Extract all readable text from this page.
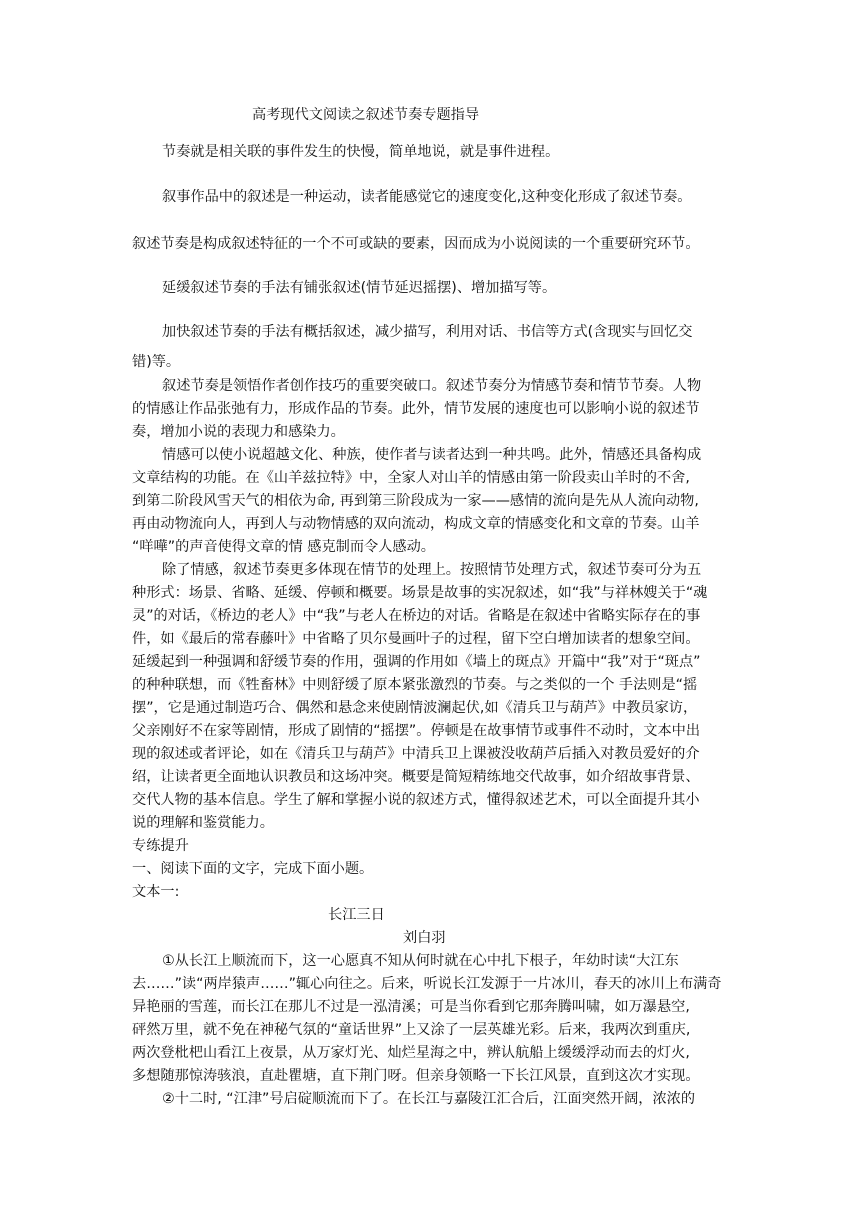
高考现代文阅读之叙述节奏专题指导
节奏就是相关联的事件发生的快慢，简单地说，就是事件进程。
叙事作品中的叙述是一种运动，读者能感觉它的速度变化,这种变化形成了叙述节奏。
叙述节奏是构成叙述特征的一个不可或缺的要素，因而成为小说阅读的一个重要研究环节。
延缓叙述节奏的手法有铺张叙述(情节延迟摇摆)、增加描写等。
加快叙述节奏的手法有概括叙述，减少描写，利用对话、书信等方式(含现实与回忆交
错)等。
叙述节奏是领悟作者创作技巧的重要突破口。叙述节奏分为情感节奏和情节节奏。人物
的情感让作品张弛有力，形成作品的节奏。此外，情节发展的速度也可以影响小说的叙述节
奏，增加小说的表现力和感染力。
情感可以使小说超越文化、种族，使作者与读者达到一种共鸣。此外，情感还具备构成
文章结构的功能。在《山羊兹拉特》中，全家人对山羊的情感由第一阶段卖山羊时的不舍,
到第二阶段风雪天气的相依为命, 再到第三阶段成为一家——感情的流向是先从人流向动物,
再由动物流向人，再到人与动物情感的双向流动，构成文章的情感变化和文章的节奏。山羊
“咩嘩”的声音使得文章的情 感克制而令人感动。
除了情感，叙述节奏更多体现在情节的处理上。按照情节处理方式，叙述节奏可分为五
种形式：场景、省略、延缓、停顿和概要。场景是故事的实况叙述，如“我”与祥林嫂关于“魂
灵”的对话，《桥边的老人》中“我”与老人在桥边的对话。省略是在叙述中省略实际存在的事
件，如《最后的常春藤叶》中省略了贝尔曼画叶子的过程，留下空白增加读者的想象空间。
延缓起到一种强调和舒缓节奏的作用，强调的作用如《墙上的斑点》开篇中“我”对于“斑点”
的种种联想，而《牲畜林》中则舒缓了原本紧张激烈的节奏。与之类似的一个 手法则是“摇
摆”，它是通过制造巧合、偶然和悬念来使剧情波澜起伏,如《清兵卫与葫芦》中教员家访，
父亲刚好不在家等剧情，形成了剧情的“摇摆”。停顿是在故事情节或事件不动时，文本中出
现的叙述或者评论，如在《清兵卫与葫芦》中清兵卫上课被没收葫芦后插入对教员爱好的介
绍，让读者更全面地认识教员和这场冲突。概要是简短精练地交代故事，如介绍故事背景、
交代人物的基本信息。学生了解和掌握小说的叙述方式，懂得叙述艺术，可以全面提升其小
说的理解和鉴赏能力。
专练提升
一、阅读下面的文字，完成下面小题。
文本一:
长江三日
刘白羽
①从长江上顺流而下，这一心愿真不知从何时就在心中扎下根子，年幼时读“大江东
去……”读“两岸猿声……”辄心向往之。后来，听说长江发源于一片冰川，春天的冰川上布满奇
异艳丽的雪莲，而长江在那儿不过是一泓清溪；可是当你看到它那奔腾叫啸，如万瀑悬空,
砰然万里，就不免在神秘气氛的“童话世界”上又涂了一层英雄光彩。后来，我两次到重庆,
两次登枇杷山看江上夜景，从万家灯光、灿烂星海之中，辨认航船上缓缓浮动而去的灯火,
多想随那惊涛骇浪，直赴瞿塘，直下荆门呀。但亲身领略一下长江风景，直到这次才实现。
②十二时, “江津”号启碇顺流而下了。在长江与嘉陵江汇合后，江面突然开阔，浓浓的
